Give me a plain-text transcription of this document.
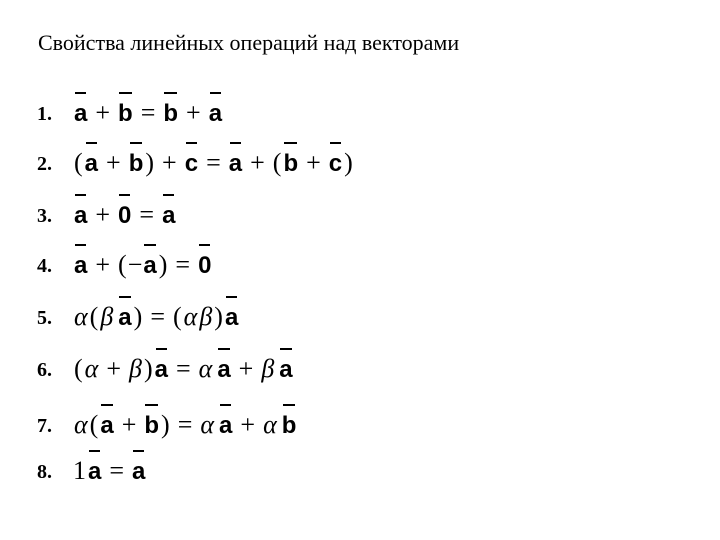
Свойства линейных операций над векторами
1. a + b = b + a
2. ( a + b ) + c = a + ( b + c )
3. a + 0 = a
4. a + ( − a ) = 0
5. α ( β a ) = ( α β ) a
6. ( α + β ) a = α a + β a
7. α ( a + b ) = α a + α b
8. 1 a = a
